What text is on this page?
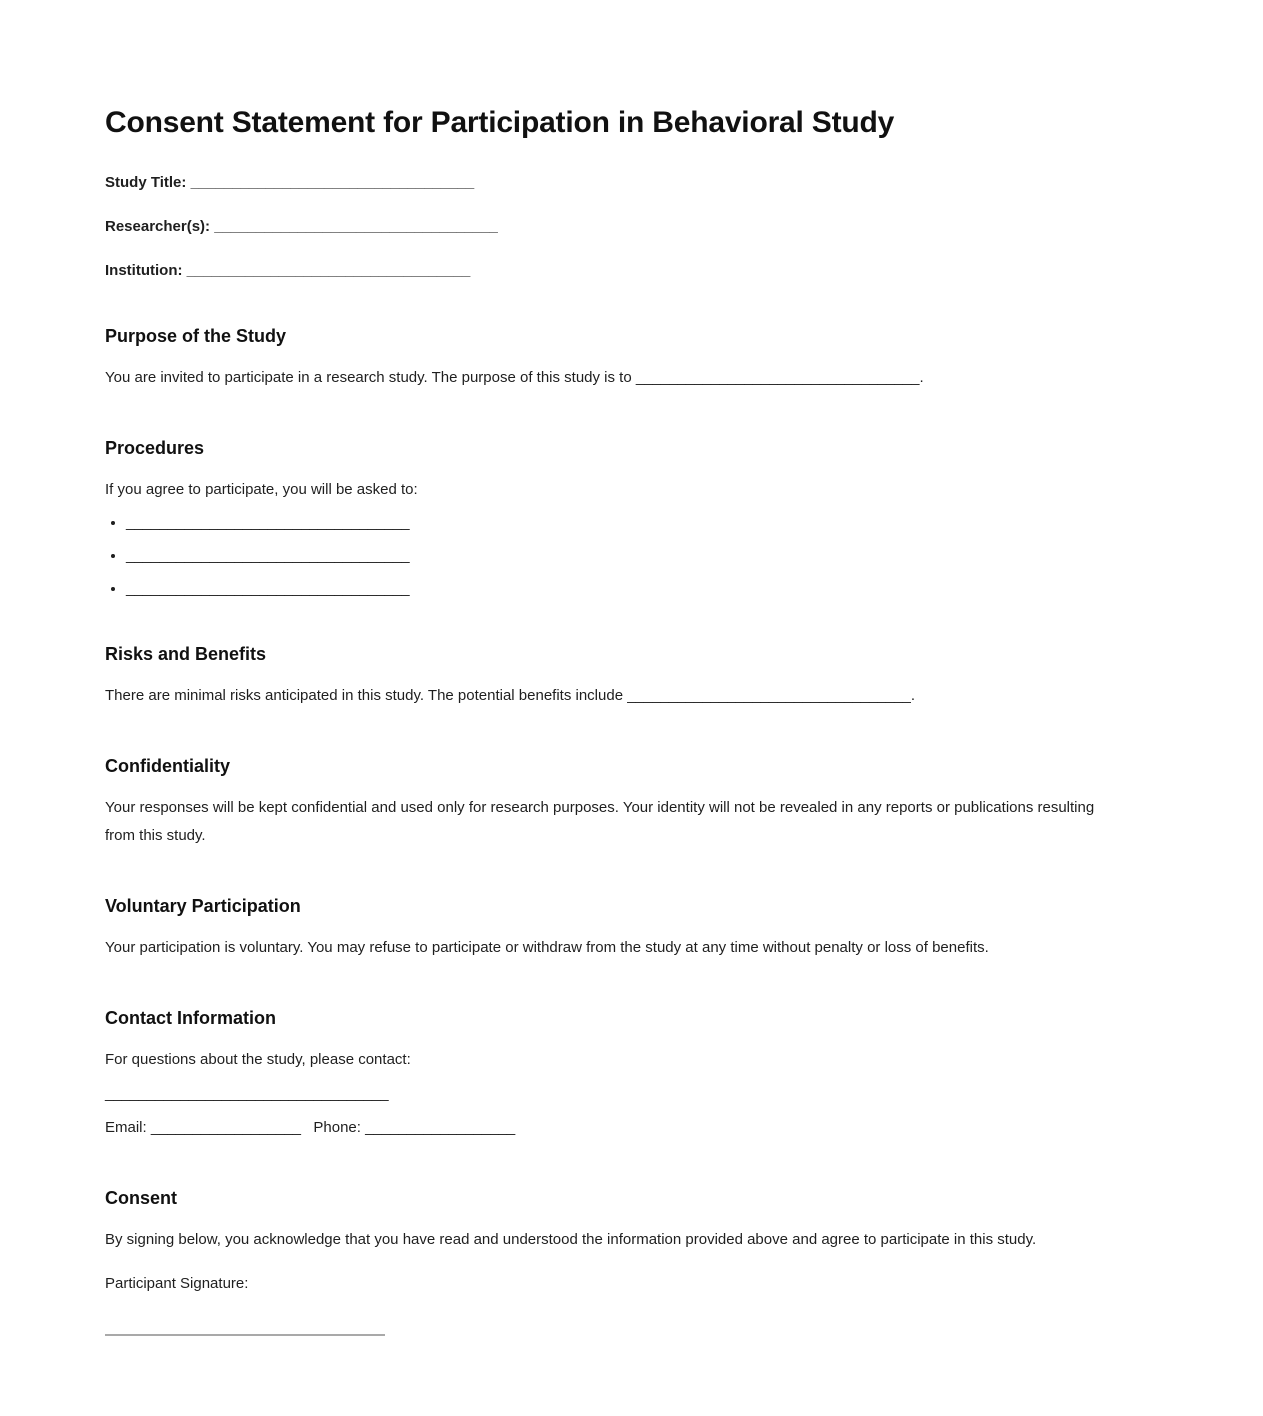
Consent Statement for Participation in Behavioral Study
Study Title: __________________________________
Researcher(s): __________________________________
Institution: __________________________________
Purpose of the Study

You are invited to participate in a research study. The purpose of this study is to __________________________________.

Procedures

If you agree to participate, you will be asked to:

• __________________________________
• __________________________________
• __________________________________
Risks and Benefits

There are minimal risks anticipated in this study. The potential benefits include __________________________________.

Confidentiality

Your responses will be kept confidential and used only for research purposes. Your identity will not be revealed in any reports or publications resulting from this study.

Voluntary Participation

Your participation is voluntary. You may refuse to participate or withdraw from the study at any time without penalty or loss of benefits.

Contact Information

For questions about the study, please contact:

__________________________________

Email: __________________ Phone: __________________

Consent

By signing below, you acknowledge that you have read and understood the information provided above and agree to participate in this study.

Participant Signature:
